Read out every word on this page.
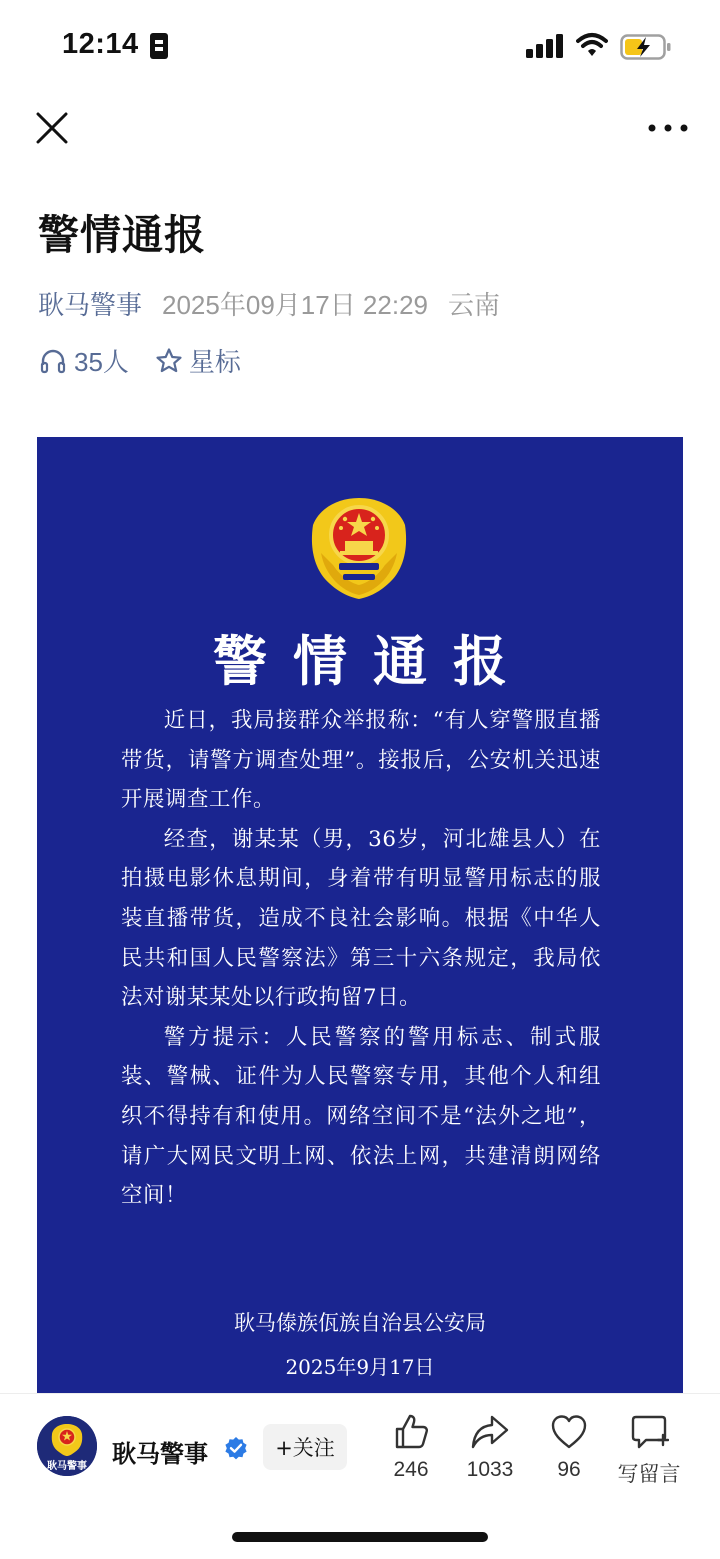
12:14
警情通报
耿马警事 2025年09月17日 22:29 云南
35人 星标
警情通报

近日，我局接群众举报称：“有人穿警服直播带货，请警方调查处理”。接报后，公安机关迅速开展调查工作。

经查，谢某某（男，36岁，河北雄县人）在拍摄电影休息期间，身着带有明显警用标志的服装直播带货，造成不良社会影响。根据《中华人民共和国人民警察法》第三十六条规定，我局依法对谢某某处以行政拘留7日。

警方提示：人民警察的警用标志、制式服装、警械、证件为人民警察专用，其他个人和组织不得持有和使用。网络空间不是“法外之地”，请广大网民文明上网、依法上网，共建清朗网络空间！

耿马傣族佤族自治县公安局
2025年9月17日
耿马警事 耿马警事	+关注
246	1033	96	写留言
